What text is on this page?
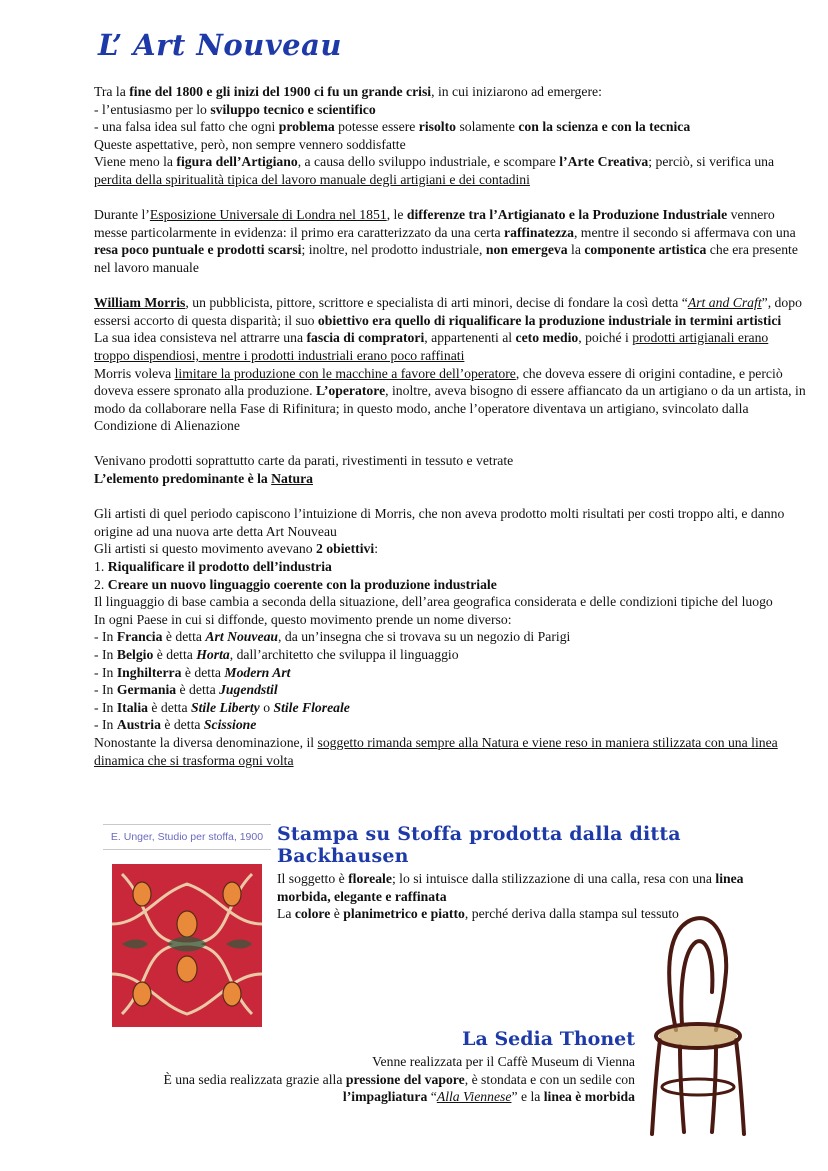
L’ Art Nouveau

Tra la fine del 1800 e gli inizi del 1900 ci fu un grande crisi, in cui iniziarono ad emergere:
- l’entusiasmo per lo sviluppo tecnico e scientifico
- una falsa idea sul fatto che ogni problema potesse essere risolto solamente con la scienza e con la tecnica
Queste aspettative, però, non sempre vennero soddisfatte
Viene meno la figura dell’Artigiano, a causa dello sviluppo industriale, e scompare l’Arte Creativa; perciò, si verifica una perdita della spiritualità tipica del lavoro manuale degli artigiani e dei contadini

Durante l’Esposizione Universale di Londra nel 1851, le differenze tra l’Artigianato e la Produzione Industriale vennero messe particolarmente in evidenza: il primo era caratterizzato da una certa raffinatezza, mentre il secondo si affermava con una resa poco puntuale e prodotti scarsi; inoltre, nel prodotto industriale, non emergeva la componente artistica che era presente nel lavoro manuale

William Morris, un pubblicista, pittore, scrittore e specialista di arti minori, decise di fondare la così detta “Art and Craft”, dopo essersi accorto di questa disparità; il suo obiettivo era quello di riqualificare la produzione industriale in termini artistici
La sua idea consisteva nel attrarre una fascia di compratori, appartenenti al ceto medio, poiché i prodotti artigianali erano troppo dispendiosi, mentre i prodotti industriali erano poco raffinati
Morris voleva limitare la produzione con le macchine a favore dell’operatore, che doveva essere di origini contadine, e perciò doveva essere spronato alla produzione. L’operatore, inoltre, aveva bisogno di essere affiancato da un artigiano o da un artista, in modo da collaborare nella Fase di Rifinitura; in questo modo, anche l’operatore diventava un artigiano, svincolato dalla Condizione di Alienazione

Venivano prodotti soprattutto carte da parati, rivestimenti in tessuto e vetrate
L’elemento predominante è la Natura

Gli artisti di quel periodo capiscono l’intuizione di Morris, che non aveva prodotto molti risultati per costi troppo alti, e danno origine ad una nuova arte detta Art Nouveau
Gli artisti si questo movimento avevano 2 obiettivi:
1. Riqualificare il prodotto dell’industria
2. Creare un nuovo linguaggio coerente con la produzione industriale
Il linguaggio di base cambia a seconda della situazione, dell’area geografica considerata e delle condizioni tipiche del luogo
In ogni Paese in cui si diffonde, questo movimento prende un nome diverso:
- In Francia è detta Art Nouveau, da un’insegna che si trovava su un negozio di Parigi
- In Belgio è detta Horta, dall’architetto che sviluppa il linguaggio
- In Inghilterra è detta Modern Art
- In Germania è detta Jugendstil
- In Italia è detta Stile Liberty o Stile Floreale
- In Austria è detta Scissione
Nonostante la diversa denominazione, il soggetto rimanda sempre alla Natura e viene reso in maniera stilizzata con una linea dinamica che si trasforma ogni volta

E. Unger, Studio per stoffa, 1900 Stampa su Stoffa prodotta dalla ditta Backhausen

Il soggetto è floreale; lo si intuisce dalla stilizzazione di una calla, resa con una linea morbida, elegante e raffinata
La colore è planimetrico e piatto, perché deriva dalla stampa sul tessuto

La Sedia Thonet

Venne realizzata per il Caffè Museum di Vienna
È una sedia realizzata grazie alla pressione del vapore, è stondata e con un sedile con
l’impagliatura “Alla Viennese” e la linea è morbida
